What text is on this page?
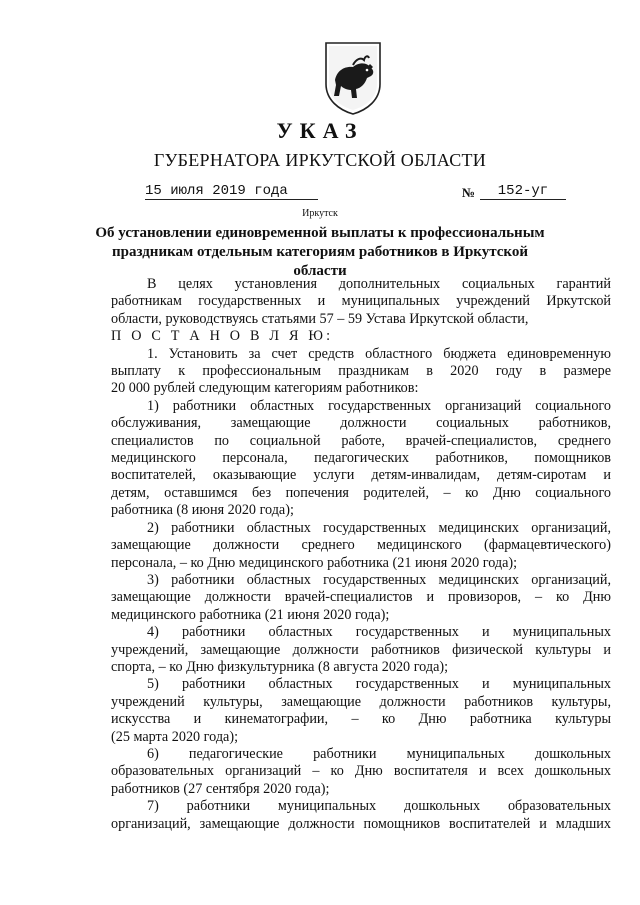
УКАЗ
ГУБЕРНАТОРА ИРКУТСКОЙ ОБЛАСТИ
15 июля 2019 года	№	152-уг
Иркутск
Об установлении единовременной выплаты к профессиональным
праздникам отдельным категориям работников в Иркутской области

В целях установления дополнительных социальных гарантий

работникам государственных и муниципальных учреждений Иркутской

области, руководствуясь статьями 57 – 59 Устава Иркутской области,

П О С Т А Н О В Л Я Ю:

1. Установить за счет средств областного бюджета единовременную

выплату к профессиональным праздникам в 2020 году в размере

20 000 рублей следующим категориям работников:

1) работники областных государственных организаций социального

обслуживания, замещающие должности социальных работников,

специалистов по социальной работе, врачей-специалистов, среднего

медицинского персонала, педагогических работников, помощников

воспитателей, оказывающие услуги детям-инвалидам, детям-сиротам и

детям, оставшимся без попечения родителей, – ко Дню социального

работника (8 июня 2020 года);

2) работники областных государственных медицинских организаций,

замещающие должности среднего медицинского (фармацевтического)

персонала, – ко Дню медицинского работника (21 июня 2020 года);

3) работники областных государственных медицинских организаций,

замещающие должности врачей-специалистов и провизоров, – ко Дню

медицинского работника (21 июня 2020 года);

4) работники областных государственных и муниципальных

учреждений, замещающие должности работников физической культуры и

спорта, – ко Дню физкультурника (8 августа 2020 года);

5) работники областных государственных и муниципальных

учреждений культуры, замещающие должности работников культуры,

искусства и кинематографии, – ко Дню работника культуры

(25 марта 2020 года);

6) педагогические работники муниципальных дошкольных

образовательных организаций – ко Дню воспитателя и всех дошкольных

работников (27 сентября 2020 года);

7) работники муниципальных дошкольных образовательных

организаций, замещающие должности помощников воспитателей и младших
